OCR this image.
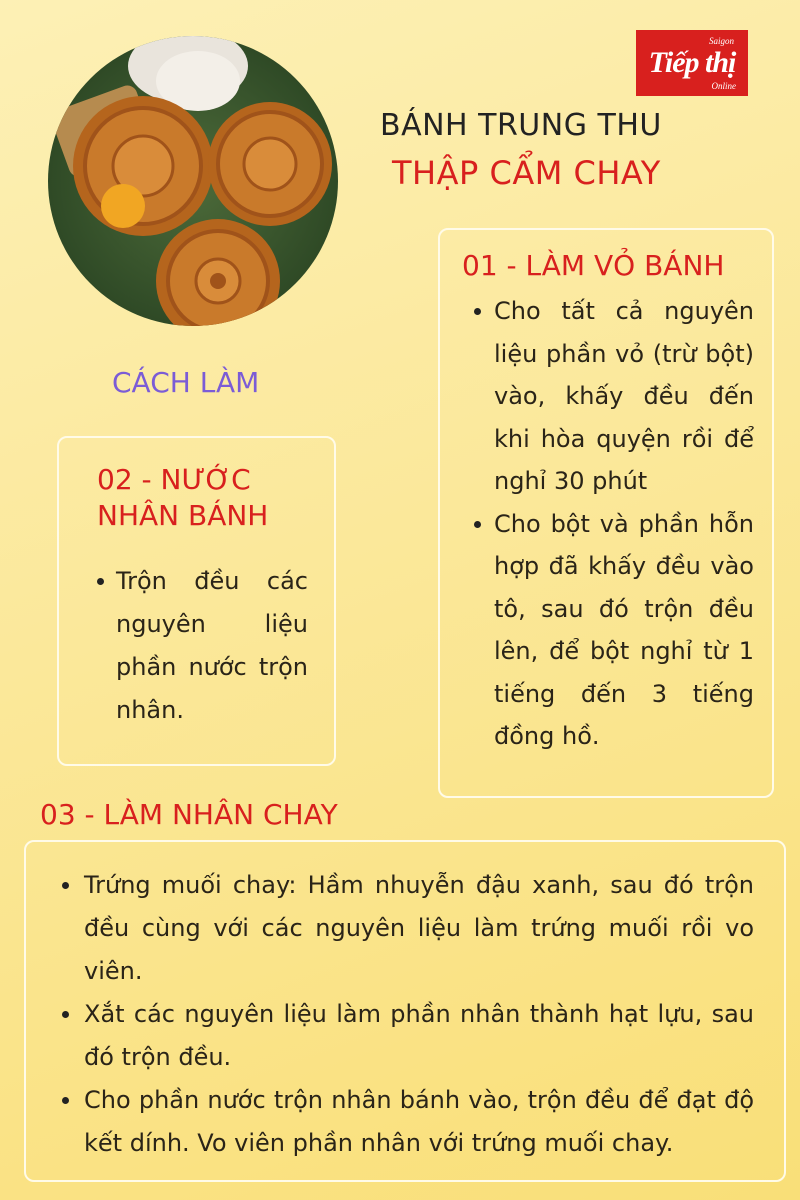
Saigon
Tiếp thị
Online
BÁNH TRUNG THU
THẬP CẨM CHAY
CÁCH LÀM
01 - LÀM VỎ BÁNH
Cho tất cả nguyên liệu phần vỏ (trừ bột) vào, khấy đều đến khi hòa quyện rồi để nghỉ 30 phút
Cho bột và phần hỗn hợp đã khấy đều vào tô, sau đó trộn đều lên, để bột nghỉ từ 1 tiếng đến 3 tiếng đồng hồ.
02 - NƯỚC NHÂN BÁNH
Trộn đều các nguyên liệu phần nước trộn nhân.
03 - LÀM NHÂN CHAY
Trứng muối chay: Hầm nhuyễn đậu xanh, sau đó trộn đều cùng với các nguyên liệu làm trứng muối rồi vo viên.
Xắt các nguyên liệu làm phần nhân thành hạt lựu, sau đó trộn đều.
Cho phần nước trộn nhân bánh vào, trộn đều để đạt độ kết dính. Vo viên phần nhân với trứng muối chay.
